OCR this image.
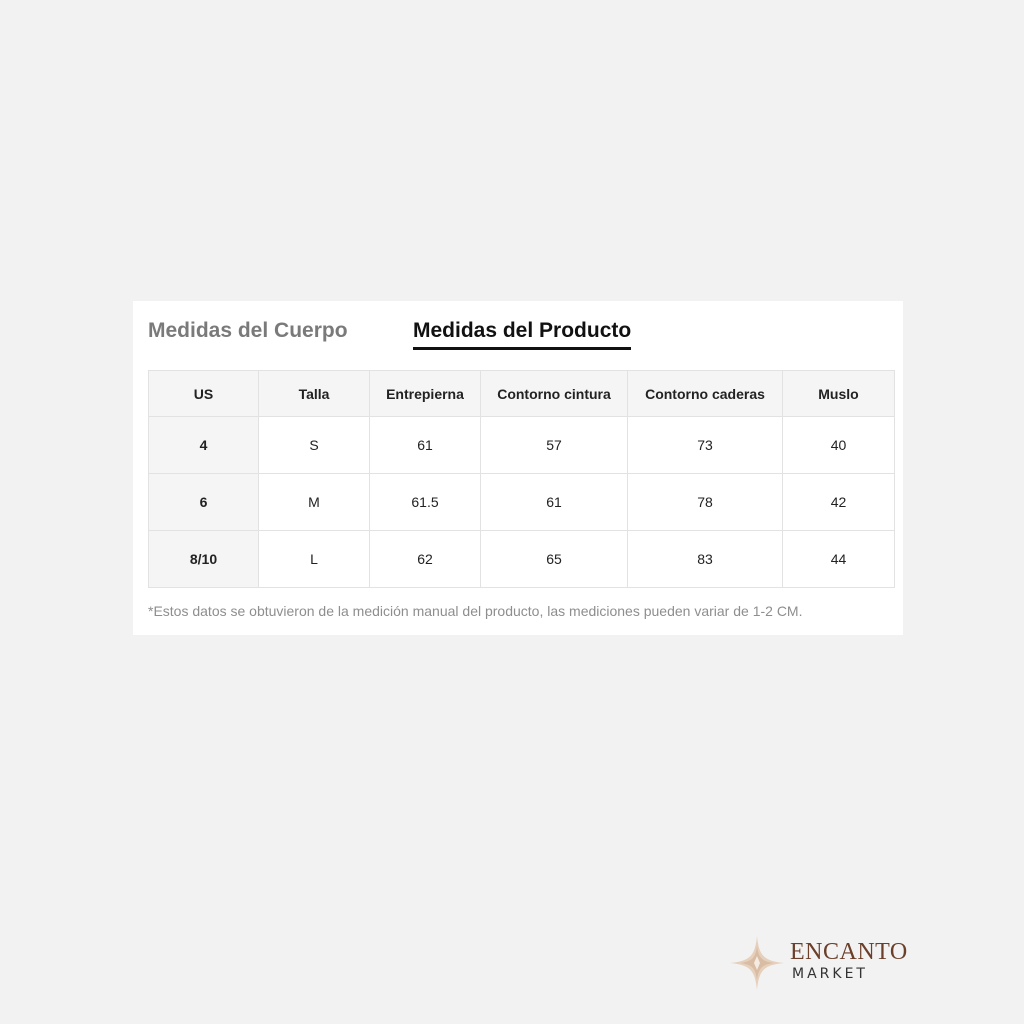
Medidas del Cuerpo	Medidas del Producto
US	Talla	Entrepierna	Contorno cintura	Contorno caderas	Muslo
4	S	61	57	73	40
6	M	61.5	61	78	42
8/10	L	62	65	83	44
*Estos datos se obtuvieron de la medición manual del producto, las mediciones pueden variar de 1-2 CM.
ENCANTO
MARKET
